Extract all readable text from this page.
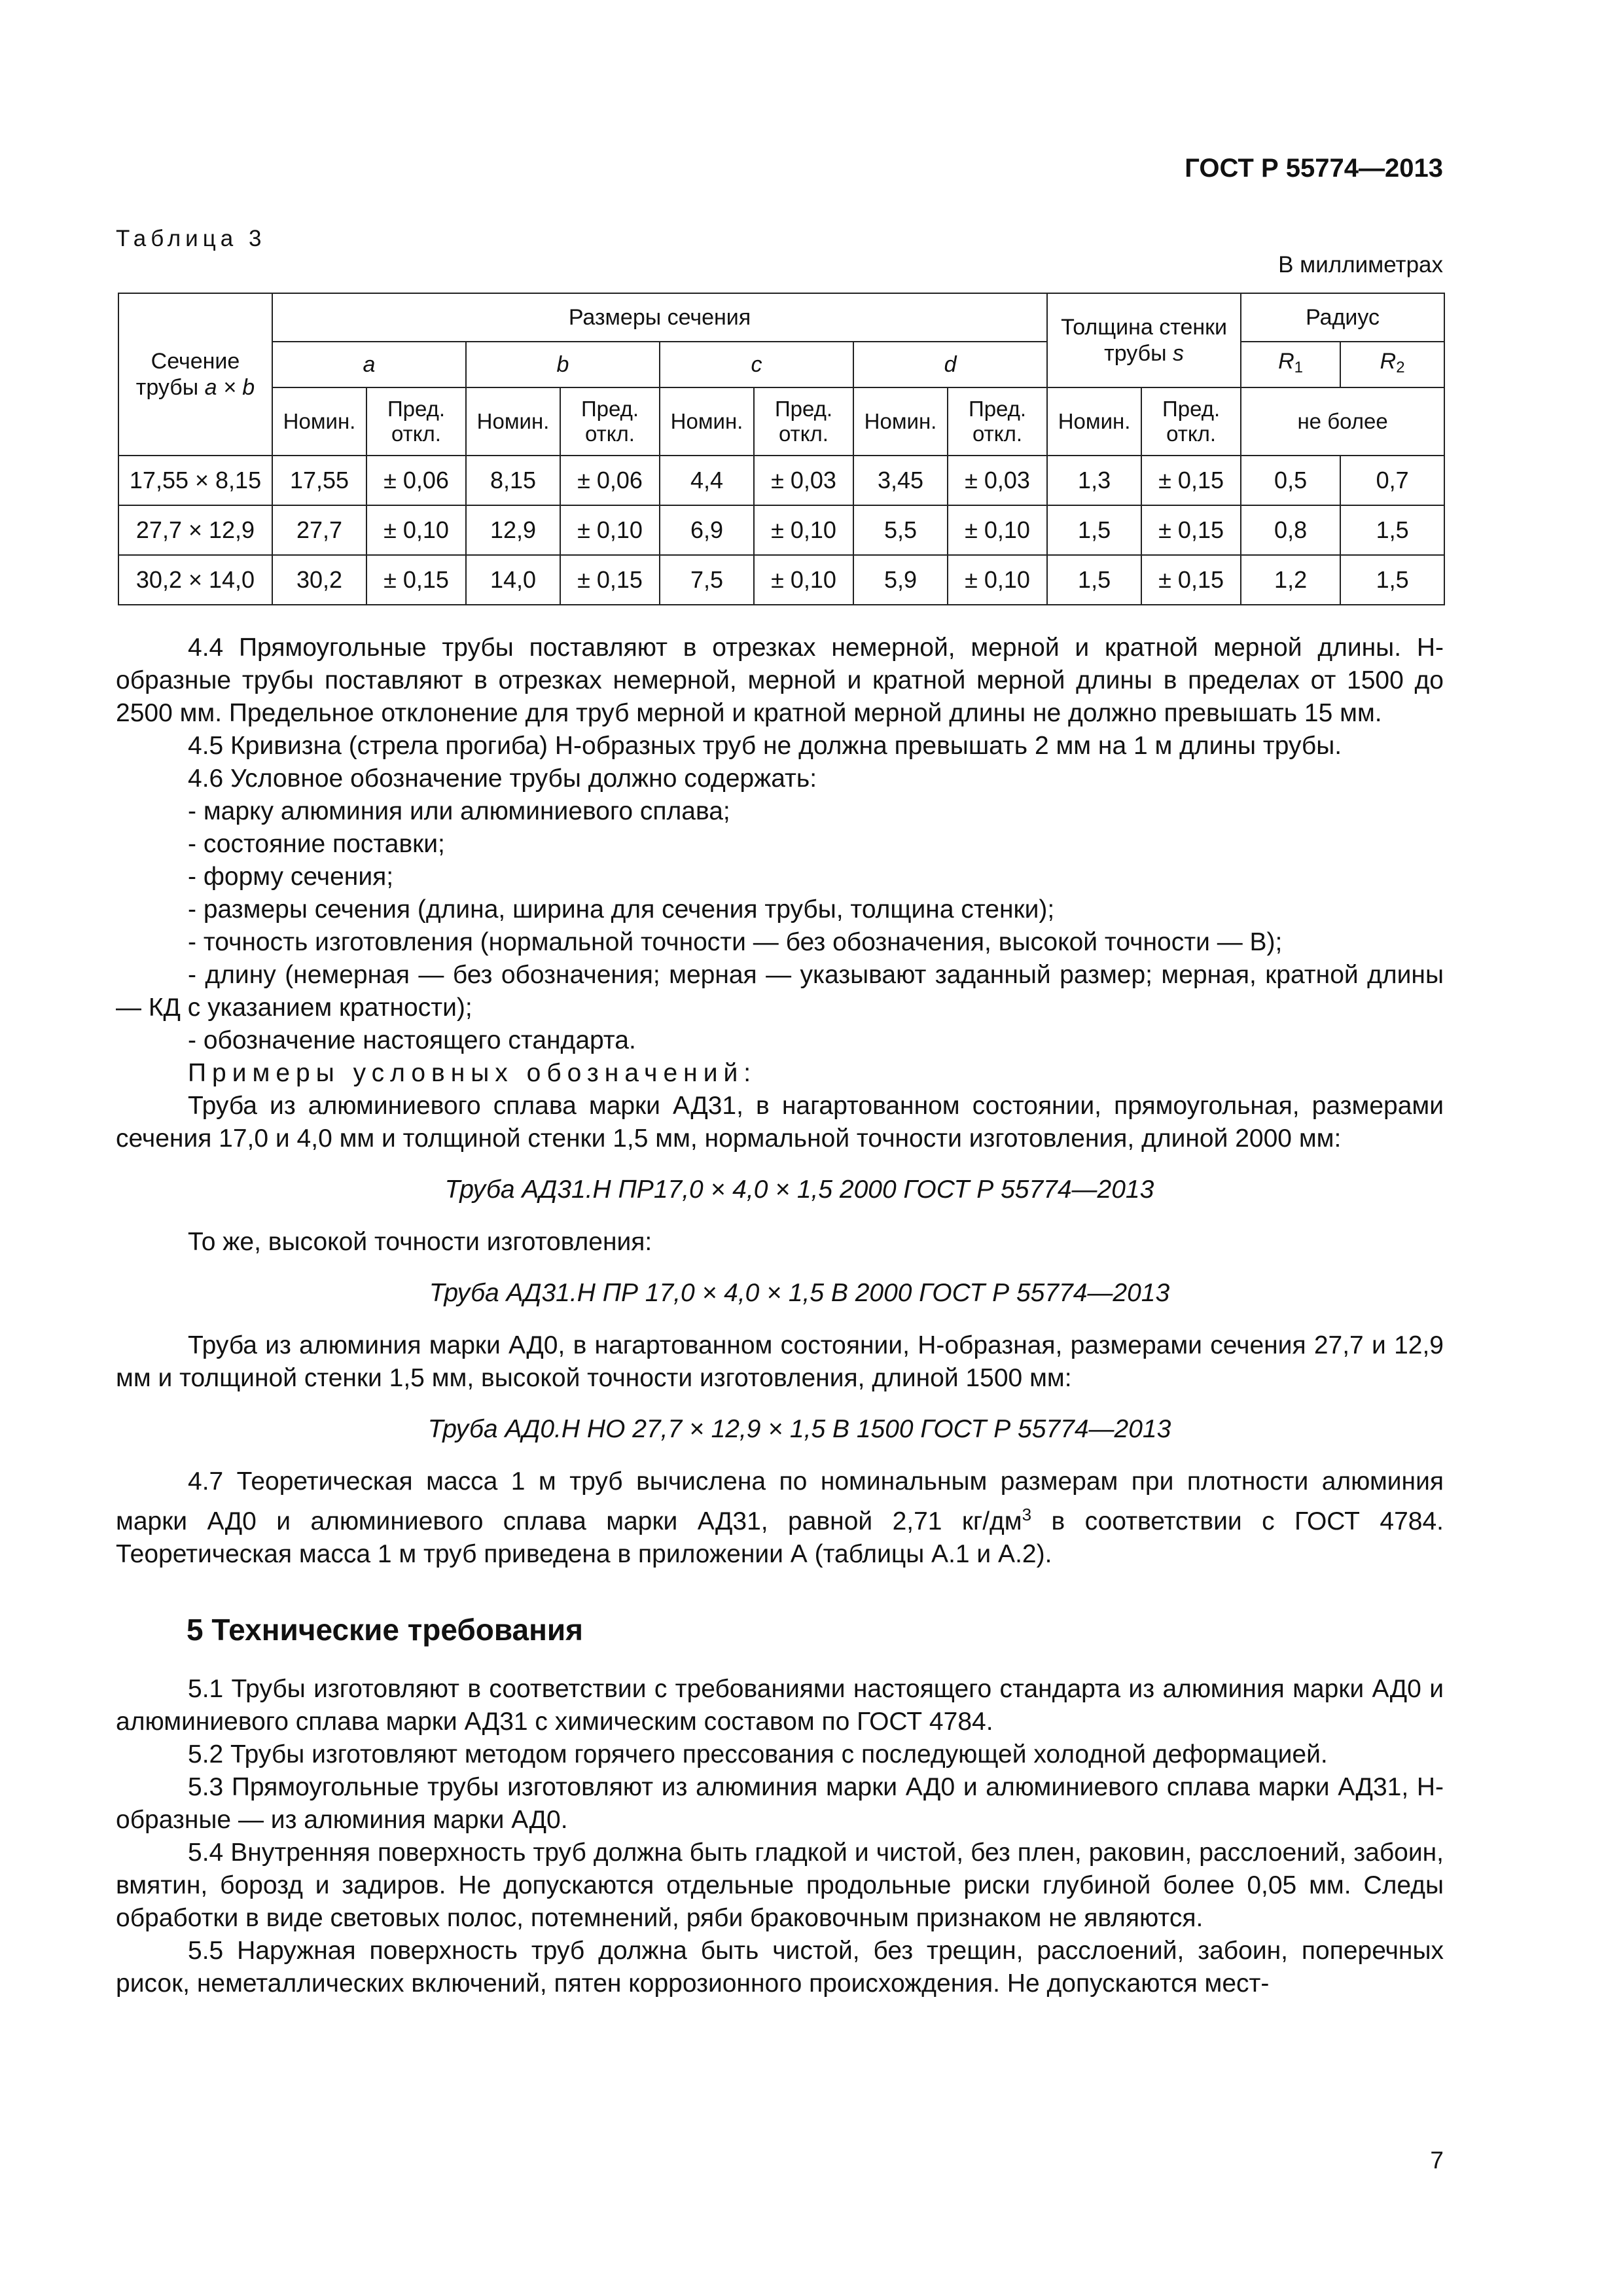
ГОСТ Р 55774—2013
Таблица 3
В миллиметрах
Сечение трубы a × b	Размеры сечения								Толщина стенки трубы s		Радиус	
	a		b		c		d				$R_1$	$R_2$
	Номин.	Пред. откл.	Номин.	Пред. откл.	Номин.	Пред. откл.	Номин.	Пред. откл.	Номин.	Пред. откл.	не более	
17,55 × 8,15	17,55	± 0,06	8,15	± 0,06	4,4	± 0,03	3,45	± 0,03	1,3	± 0,15	0,5	0,7
27,7 × 12,9	27,7	± 0,10	12,9	± 0,10	6,9	± 0,10	5,5	± 0,10	1,5	± 0,15	0,8	1,5
30,2 × 14,0	30,2	± 0,15	14,0	± 0,15	7,5	± 0,10	5,9	± 0,10	1,5	± 0,15	1,2	1,5

4.4 Прямоугольные трубы поставляют в отрезках немерной, мерной и кратной мерной длины. Н-образные трубы поставляют в отрезках немерной, мерной и кратной мерной длины в пределах от 1500 до 2500 мм. Предельное отклонение для труб мерной и кратной мерной длины не должно превышать 15 мм.

4.5 Кривизна (стрела прогиба) Н-образных труб не должна превышать 2 мм на 1 м длины трубы.

4.6 Условное обозначение трубы должно содержать:

- марку алюминия или алюминиевого сплава;

- состояние поставки;

- форму сечения;

- размеры сечения (длина, ширина для сечения трубы, толщина стенки);

- точность изготовления (нормальной точности — без обозначения, высокой точности — В);

- длину (немерная — без обозначения; мерная — указывают заданный размер; мерная, кратной длины — КД с указанием кратности);

- обозначение настоящего стандарта.

Примеры условных обозначений:

Труба из алюминиевого сплава марки АД31, в нагартованном состоянии, прямоугольная, размерами сечения 17,0 и 4,0 мм и толщиной стенки 1,5 мм, нормальной точности изготовления, длиной 2000 мм:

Труба АД31.Н ПР17,0 × 4,0 × 1,5 2000 ГОСТ Р 55774—2013

То же, высокой точности изготовления:

Труба АД31.Н ПР 17,0 × 4,0 × 1,5 В 2000 ГОСТ Р 55774—2013

Труба из алюминия марки АД0, в нагартованном состоянии, Н-образная, размерами сечения 27,7 и 12,9 мм и толщиной стенки 1,5 мм, высокой точности изготовления, длиной 1500 мм:

Труба АД0.Н НО 27,7 × 12,9 × 1,5 В 1500 ГОСТ Р 55774—2013

4.7 Теоретическая масса 1 м труб вычислена по номинальным размерам при плотности алюминия марки АД0 и алюминиевого сплава марки АД31, равной 2,71 $кг/дм^3$ в соответствии с ГОСТ 4784. Теоретическая масса 1 м труб приведена в приложении А (таблицы А.1 и А.2).

5 Технические требования

5.1 Трубы изготовляют в соответствии с требованиями настоящего стандарта из алюминия марки АД0 и алюминиевого сплава марки АД31 с химическим составом по ГОСТ 4784.

5.2 Трубы изготовляют методом горячего прессования с последующей холодной деформацией.

5.3 Прямоугольные трубы изготовляют из алюминия марки АД0 и алюминиевого сплава марки АД31, Н-образные — из алюминия марки АД0.

5.4 Внутренняя поверхность труб должна быть гладкой и чистой, без плен, раковин, расслоений, забоин, вмятин, борозд и задиров. Не допускаются отдельные продольные риски глубиной более 0,05 мм. Следы обработки в виде световых полос, потемнений, ряби браковочным признаком не являются.

5.5 Наружная поверхность труб должна быть чистой, без трещин, расслоений, забоин, поперечных рисок, неметаллических включений, пятен коррозионного происхождения. Не допускаются мест-

7
